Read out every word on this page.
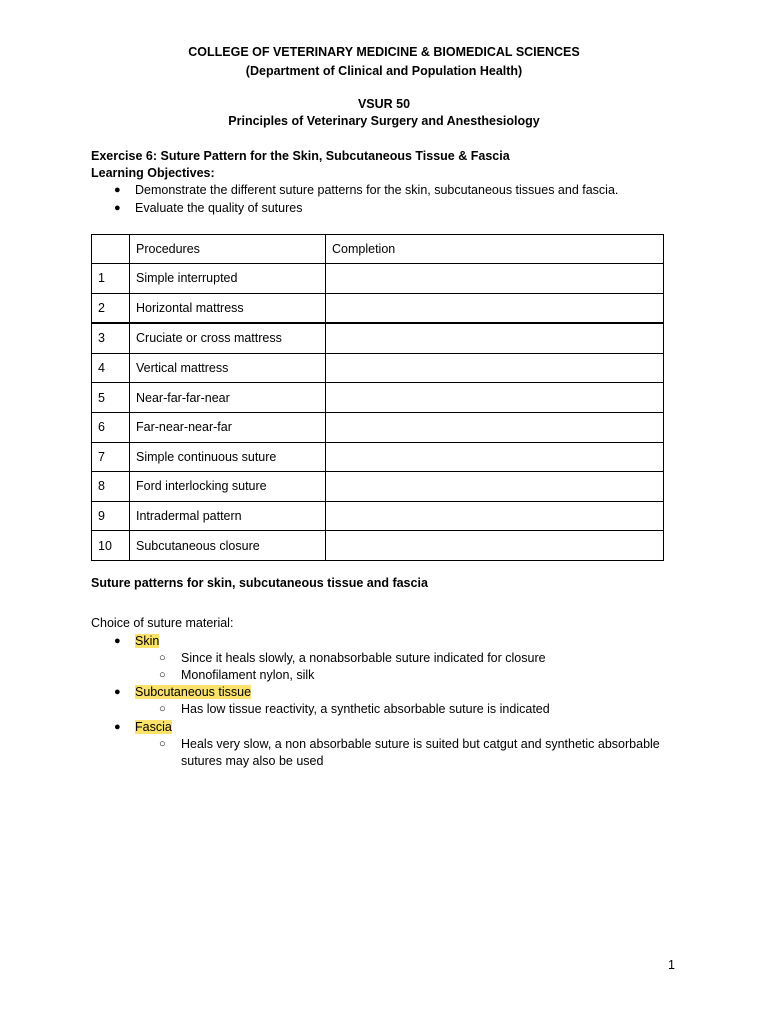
COLLEGE OF VETERINARY MEDICINE & BIOMEDICAL SCIENCES
(Department of Clinical and Population Health)
VSUR 50
Principles of Veterinary Surgery and Anesthesiology
Exercise 6: Suture Pattern for the Skin, Subcutaneous Tissue & Fascia
Learning Objectives:
● Demonstrate the different suture patterns for the skin, subcutaneous tissues and fascia.
● Evaluate the quality of sutures
	Procedures	Completion
1	Simple interrupted	
2	Horizontal mattress	
3	Cruciate or cross mattress	
4	Vertical mattress	
5	Near-far-far-near	
6	Far-near-near-far	
7	Simple continuous suture	
8	Ford interlocking suture	
9	Intradermal pattern	
10	Subcutaneous closure	
Suture patterns for skin, subcutaneous tissue and fascia
Choice of suture material:
● Skin
○ Since it heals slowly, a nonabsorbable suture indicated for closure
○ Monofilament nylon, silk
● Subcutaneous tissue
○ Has low tissue reactivity, a synthetic absorbable suture is indicated
● Fascia
○ Heals very slow, a non absorbable suture is suited but catgut and synthetic absorbable
sutures may also be used
1
